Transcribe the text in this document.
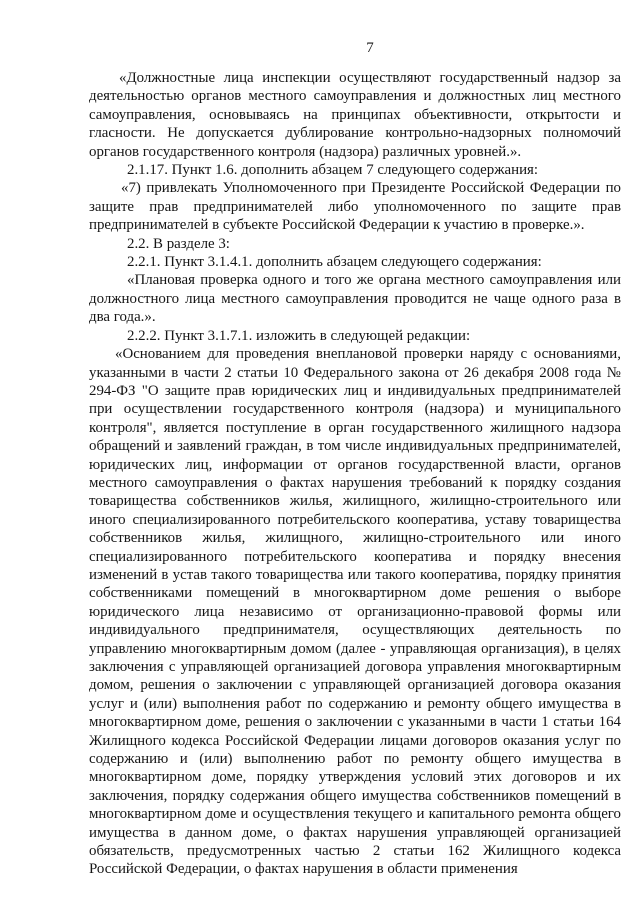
7

«Должностные лица инспекции осуществляют государственный надзор за деятельностью органов местного самоуправления и должностных лиц местного самоуправления, основываясь на принципах объективности, открытости и гласности. Не допускается дублирование контрольно-надзорных полномочий органов государственного контроля (надзора) различных уровней.».

2.1.17. Пункт 1.6. дополнить абзацем 7 следующего содержания:

«7) привлекать Уполномоченного при Президенте Российской Федерации по защите прав предпринимателей либо уполномоченного по защите прав предпринимателей в субъекте Российской Федерации к участию в проверке.».

2.2. В разделе 3:

2.2.1. Пункт 3.1.4.1. дополнить абзацем следующего содержания:

«Плановая проверка одного и того же органа местного самоуправления или должностного лица местного самоуправления проводится не чаще одного раза в два года.».

2.2.2. Пункт 3.1.7.1. изложить в следующей редакции:

«Основанием для проведения внеплановой проверки наряду с основаниями, указанными в части 2 статьи 10 Федерального закона от 26 декабря 2008 года № 294-ФЗ "О защите прав юридических лиц и индивидуальных предпринимателей при осуществлении государственного контроля (надзора) и муниципального контроля", является поступление в орган государственного жилищного надзора обращений и заявлений граждан, в том числе индивидуальных предпринимателей, юридических лиц, информации от органов государственной власти, органов местного самоуправления о фактах нарушения требований к порядку создания товарищества собственников жилья, жилищного, жилищно-строительного или иного специализированного потребительского кооператива, уставу товарищества собственников жилья, жилищного, жилищно-строительного или иного специализированного потребительского кооператива и порядку внесения изменений в устав такого товарищества или такого кооператива, порядку принятия собственниками помещений в многоквартирном доме решения о выборе юридического лица независимо от организационно-правовой формы или индивидуального предпринимателя, осуществляющих деятельность по управлению многоквартирным домом (далее - управляющая организация), в целях заключения с управляющей организацией договора управления многоквартирным домом, решения о заключении с управляющей организацией договора оказания услуг и (или) выполнения работ по содержанию и ремонту общего имущества в многоквартирном доме, решения о заключении с указанными в части 1 статьи 164 Жилищного кодекса Российской Федерации лицами договоров оказания услуг по содержанию и (или) выполнению работ по ремонту общего имущества в многоквартирном доме, порядку утверждения условий этих договоров и их заключения, порядку содержания общего имущества собственников помещений в многоквартирном доме и осуществления текущего и капитального ремонта общего имущества в данном доме, о фактах нарушения управляющей организацией обязательств, предусмотренных частью 2 статьи 162 Жилищного кодекса Российской Федерации, о фактах нарушения в области применения
